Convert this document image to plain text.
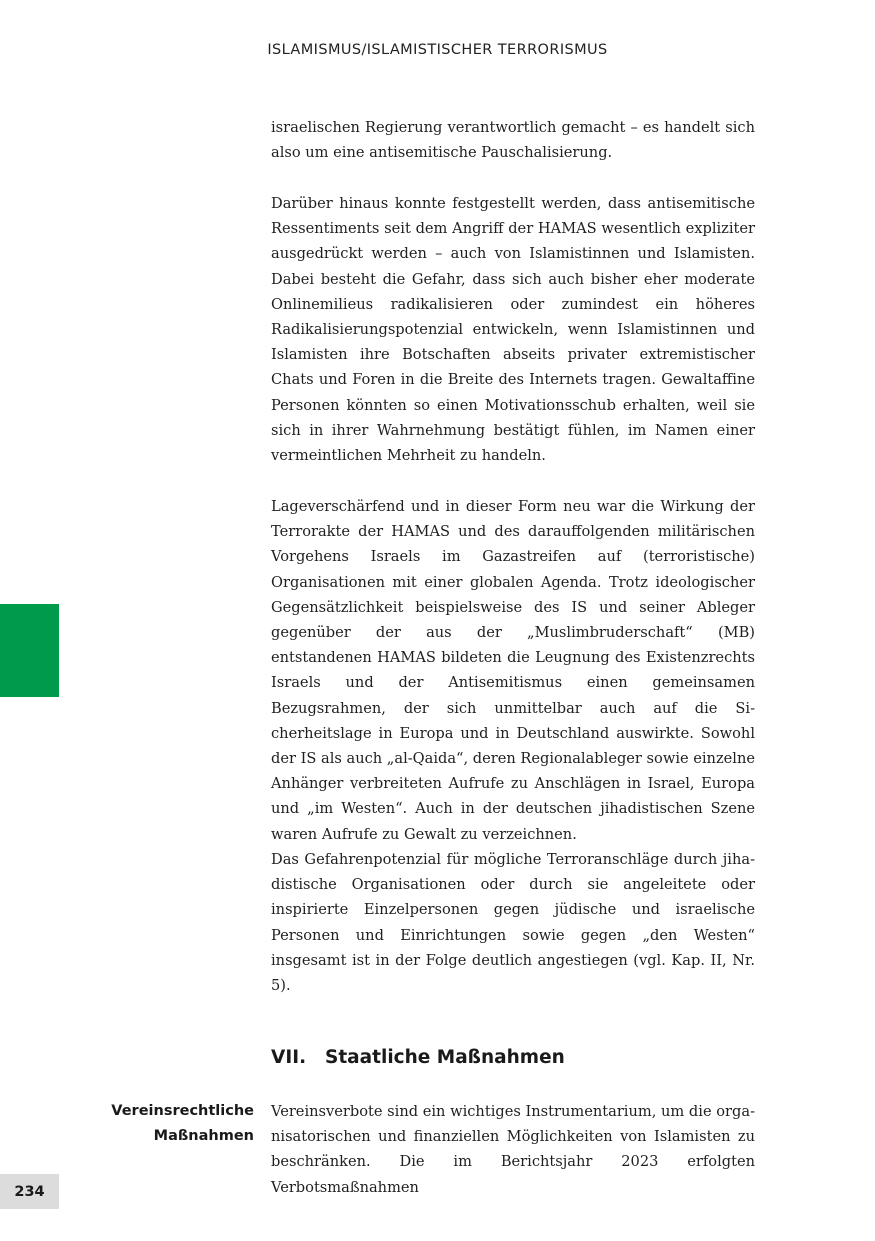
ISLAMISMUS/ISLAMISTISCHER TERRORISMUS

israelischen Regierung verantwortlich gemacht – es handelt sich also um eine antisemitische Pauschalisierung.

Darüber hinaus konnte festgestellt werden, dass antisemitische Ressentiments seit dem Angriff der HAMAS wesentlich expliziter ausgedrückt werden – auch von Islamistinnen und Islamisten. Dabei besteht die Gefahr, dass sich auch bisher eher moderate Onlinemilieus radikalisieren oder zumindest ein höheres Radikalisierungspotenzial entwickeln, wenn Islamistinnen und Islamisten ihre Botschaften abseits privater extremistischer Chats und Foren in die Breite des Internets tragen. Gewaltaffine Personen könnten so einen Motivationsschub erhalten, weil sie sich in ihrer Wahrnehmung bestätigt fühlen, im Namen einer vermeintlichen Mehrheit zu handeln.

Lageverschärfend und in dieser Form neu war die Wirkung der Terrorakte der HAMAS und des darauffolgenden militärischen Vorgehens Israels im Gazastreifen auf (terroristische) Organisationen mit einer globalen Agenda. Trotz ideologischer Gegensätzlichkeit beispielsweise des IS und seiner Ableger gegenüber der aus der „Muslimbruderschaft“ (MB) entstandenen HAMAS bildeten die Leugnung des Existenzrechts Israels und der Antisemitismus einen gemeinsamen Bezugsrahmen, der sich unmittelbar auch auf die Sicherheitslage in Europa und in Deutschland auswirkte. Sowohl der IS als auch „al-Qaida“, deren Regionalableger sowie einzelne Anhänger verbreiteten Aufrufe zu Anschlägen in Israel, Europa und „im Westen“. Auch in der deutschen jihadistischen Szene waren Aufrufe zu Gewalt zu verzeichnen.

Das Gefahrenpotenzial für mögliche Terroranschläge durch jihadistische Organisationen oder durch sie angeleitete oder inspirierte Einzelpersonen gegen jüdische und israelische Personen und Einrichtungen sowie gegen „den Westen“ insgesamt ist in der Folge deutlich angestiegen (vgl. Kap. II, Nr. 5).

VII. Staatliche Maßnahmen
Vereinsrechtliche
Maßnahmen

Vereinsverbote sind ein wichtiges Instrumentarium, um die organisatorischen und finanziellen Möglichkeiten von Islamisten zu beschränken. Die im Berichtsjahr 2023 erfolgten Verbotsmaßnahmen

234
